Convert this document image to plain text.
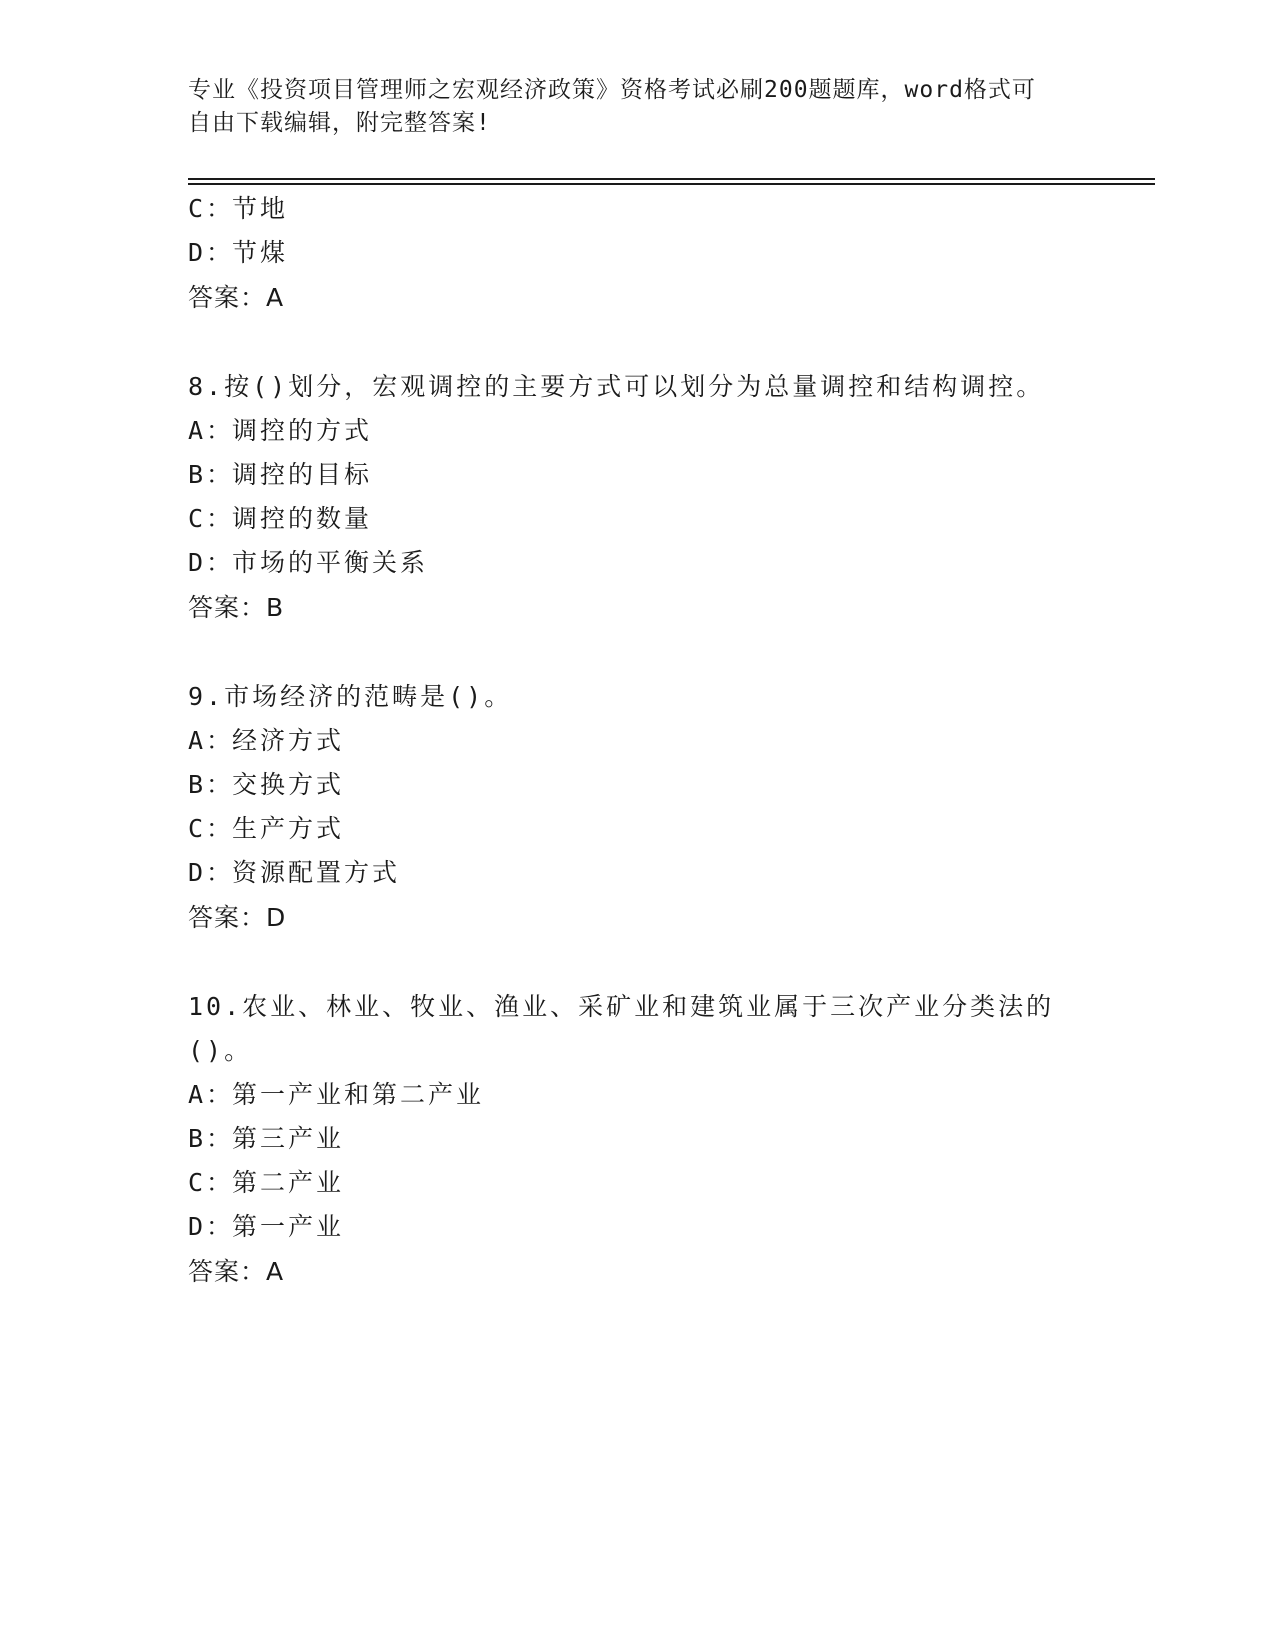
专业《投资项目管理师之宏观经济政策》资格考试必刷200题题库，word格式可
自由下载编辑，附完整答案!
C：节地
D：节煤
答案：A
8.按()划分，宏观调控的主要方式可以划分为总量调控和结构调控。
A：调控的方式
B：调控的目标
C：调控的数量
D：市场的平衡关系
答案：B
9.市场经济的范畴是()。
A：经济方式
B：交换方式
C：生产方式
D：资源配置方式
答案：D
10.农业、林业、牧业、渔业、采矿业和建筑业属于三次产业分类法的
()。
A：第一产业和第二产业
B：第三产业
C：第二产业
D：第一产业
答案：A
